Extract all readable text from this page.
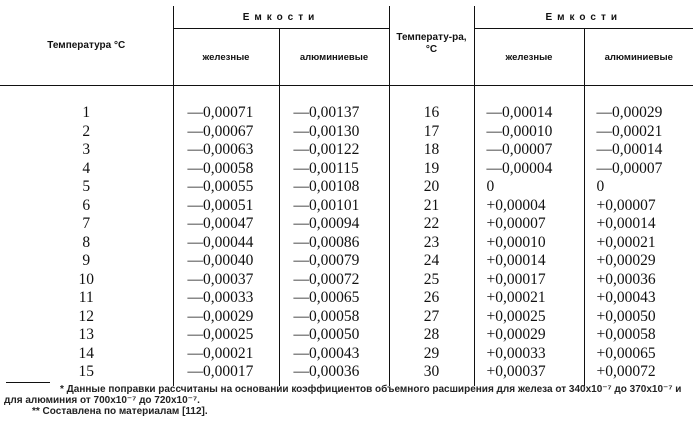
Температура °С	Емкости		Температу-ра, °С	Емкости	
	железные	алюминиевые		железные	алюминиевые

1	—0,00071	—0,00137	16	—0,00014	—0,00029
2	—0,00067	—0,00130	17	—0,00010	—0,00021
3	—0,00063	—0,00122	18	—0,00007	—0,00014
4	—0,00058	—0,00115	19	—0,00004	—0,00007
5	—0,00055	—0,00108	20	0	0
6	—0,00051	—0,00101	21	+0,00004	+0,00007
7	—0,00047	—0,00094	22	+0,00007	+0,00014
8	—0,00044	—0,00086	23	+0,00010	+0,00021
9	—0,00040	—0,00079	24	+0,00014	+0,00029
10	—0,00037	—0,00072	25	+0,00017	+0,00036
11	—0,00033	—0,00065	26	+0,00021	+0,00043
12	—0,00029	—0,00058	27	+0,00025	+0,00050
13	—0,00025	—0,00050	28	+0,00029	+0,00058
14	—0,00021	—0,00043	29	+0,00033	+0,00065
15	—0,00017	—0,00036	30	+0,00037	+0,00072
* Данные поправки рассчитаны на основании коэффициентов объемного расширения для железа от 340x10⁻⁷ до 370x10⁻⁷ и для алюминия от 700x10⁻⁷ до 720x10⁻⁷.
** Составлена по материалам [112].
